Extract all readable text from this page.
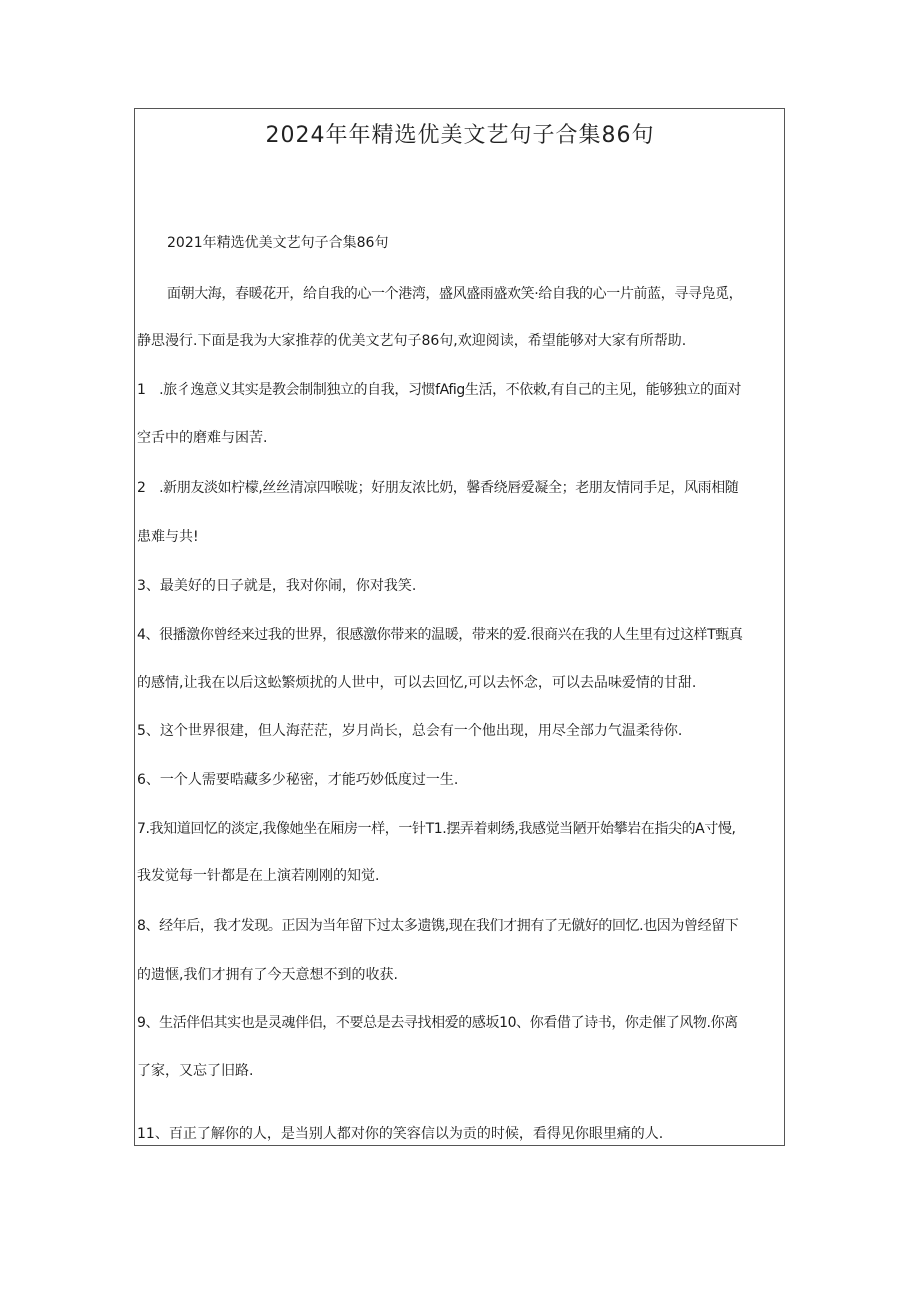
2024年年精选优美文艺句子合集86句
2021年精选优美文艺句子合集86句
面朝大海，春暖花开，给自我的心一个港湾，盛风盛雨盛欢笑·给自我的心一片前蓝，寻寻凫觅，
静思漫行.下面是我为大家推荐的优美文艺句子86句,欢迎阅读，希望能够对大家有所帮助.
1　.旅彳逸意义其实是教会制制独立的自我，习惯fAfig生活，不依敕,有自己的主见，能够独立的面对
空舌中的磨难与困苦.
2　.新朋友淡如柠檬,丝丝清凉四喉咙；好朋友浓比奶，馨香绕唇爱凝全；老朋友情同手足，风雨相随
患难与共!
3、最美好的日子就是，我对你闹，你对我笑.
4、很播激你曾经来过我的世界，很感激你带来的温暖，带来的爱.很商兴在我的人生里有过这样T甄真
的感情,让我在以后这蚣繁烦扰的人世中，可以去回忆,可以去怀念，可以去品味爱情的甘甜.
5、这个世界很建，但人海茫茫，岁月尚长，总会有一个他出现，用尽全部力气温柔待你.
6、一个人需要晧藏多少秘密，才能巧妙低度过一生.
7.我知道回忆的淡定,我像她坐在厢房一样，一针T1.摆弄着刺绣,我感觉当陋开始攀岩在指尖的A寸慢,
我发觉每一针都是在上演若刚刚的知觉.
8、经年后，我才发现。正因为当年留下过太多遗镌,现在我们才拥有了无僦好的回忆.也因为曾经留下
的遗惬,我们才拥有了今天意想不到的收获.
9、生活伴侣其实也是灵魂伴侣，不要总是去寻找相爱的感坂10、你看借了诗书，你走催了风物.你离
了家，又忘了旧路.
11、百正了解你的人，是当别人都对你的笑容信以为贡的时候，看得见你眼里痛的人.
